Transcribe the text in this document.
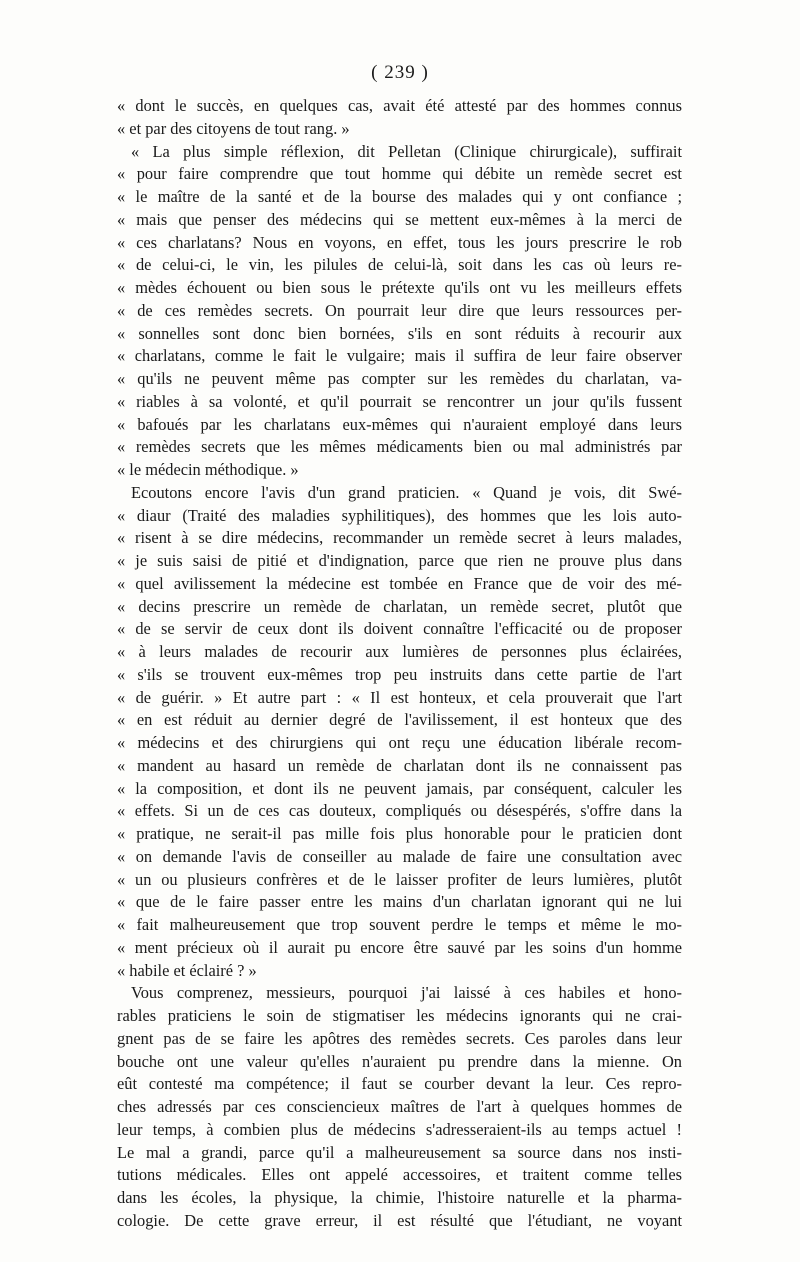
( 239 )
« dont le succès, en quelques cas, avait été attesté par des hommes connus
« et par des citoyens de tout rang. »
« La plus simple réflexion, dit Pelletan (Clinique chirurgicale), suffirait
« pour faire comprendre que tout homme qui débite un remède secret est
« le maître de la santé et de la bourse des malades qui y ont confiance ;
« mais que penser des médecins qui se mettent eux-mêmes à la merci de
« ces charlatans? Nous en voyons, en effet, tous les jours prescrire le rob
« de celui-ci, le vin, les pilules de celui-là, soit dans les cas où leurs re-
« mèdes échouent ou bien sous le prétexte qu'ils ont vu les meilleurs effets
« de ces remèdes secrets. On pourrait leur dire que leurs ressources per-
« sonnelles sont donc bien bornées, s'ils en sont réduits à recourir aux
« charlatans, comme le fait le vulgaire; mais il suffira de leur faire observer
« qu'ils ne peuvent même pas compter sur les remèdes du charlatan, va-
« riables à sa volonté, et qu'il pourrait se rencontrer un jour qu'ils fussent
« bafoués par les charlatans eux-mêmes qui n'auraient employé dans leurs
« remèdes secrets que les mêmes médicaments bien ou mal administrés par
« le médecin méthodique. »
Ecoutons encore l'avis d'un grand praticien. « Quand je vois, dit Swé-
« diaur (Traité des maladies syphilitiques), des hommes que les lois auto-
« risent à se dire médecins, recommander un remède secret à leurs malades,
« je suis saisi de pitié et d'indignation, parce que rien ne prouve plus dans
« quel avilissement la médecine est tombée en France que de voir des mé-
« decins prescrire un remède de charlatan, un remède secret, plutôt que
« de se servir de ceux dont ils doivent connaître l'efficacité ou de proposer
« à leurs malades de recourir aux lumières de personnes plus éclairées,
« s'ils se trouvent eux-mêmes trop peu instruits dans cette partie de l'art
« de guérir. » Et autre part : « Il est honteux, et cela prouverait que l'art
« en est réduit au dernier degré de l'avilissement, il est honteux que des
« médecins et des chirurgiens qui ont reçu une éducation libérale recom-
« mandent au hasard un remède de charlatan dont ils ne connaissent pas
« la composition, et dont ils ne peuvent jamais, par conséquent, calculer les
« effets. Si un de ces cas douteux, compliqués ou désespérés, s'offre dans la
« pratique, ne serait-il pas mille fois plus honorable pour le praticien dont
« on demande l'avis de conseiller au malade de faire une consultation avec
« un ou plusieurs confrères et de le laisser profiter de leurs lumières, plutôt
« que de le faire passer entre les mains d'un charlatan ignorant qui ne lui
« fait malheureusement que trop souvent perdre le temps et même le mo-
« ment précieux où il aurait pu encore être sauvé par les soins d'un homme
« habile et éclairé ? »
Vous comprenez, messieurs, pourquoi j'ai laissé à ces habiles et hono-
rables praticiens le soin de stigmatiser les médecins ignorants qui ne crai-
gnent pas de se faire les apôtres des remèdes secrets. Ces paroles dans leur
bouche ont une valeur qu'elles n'auraient pu prendre dans la mienne. On
eût contesté ma compétence; il faut se courber devant la leur. Ces repro-
ches adressés par ces consciencieux maîtres de l'art à quelques hommes de
leur temps, à combien plus de médecins s'adresseraient-ils au temps actuel !
Le mal a grandi, parce qu'il a malheureusement sa source dans nos insti-
tutions médicales. Elles ont appelé accessoires, et traitent comme telles
dans les écoles, la physique, la chimie, l'histoire naturelle et la pharma-
cologie. De cette grave erreur, il est résulté que l'étudiant, ne voyant
